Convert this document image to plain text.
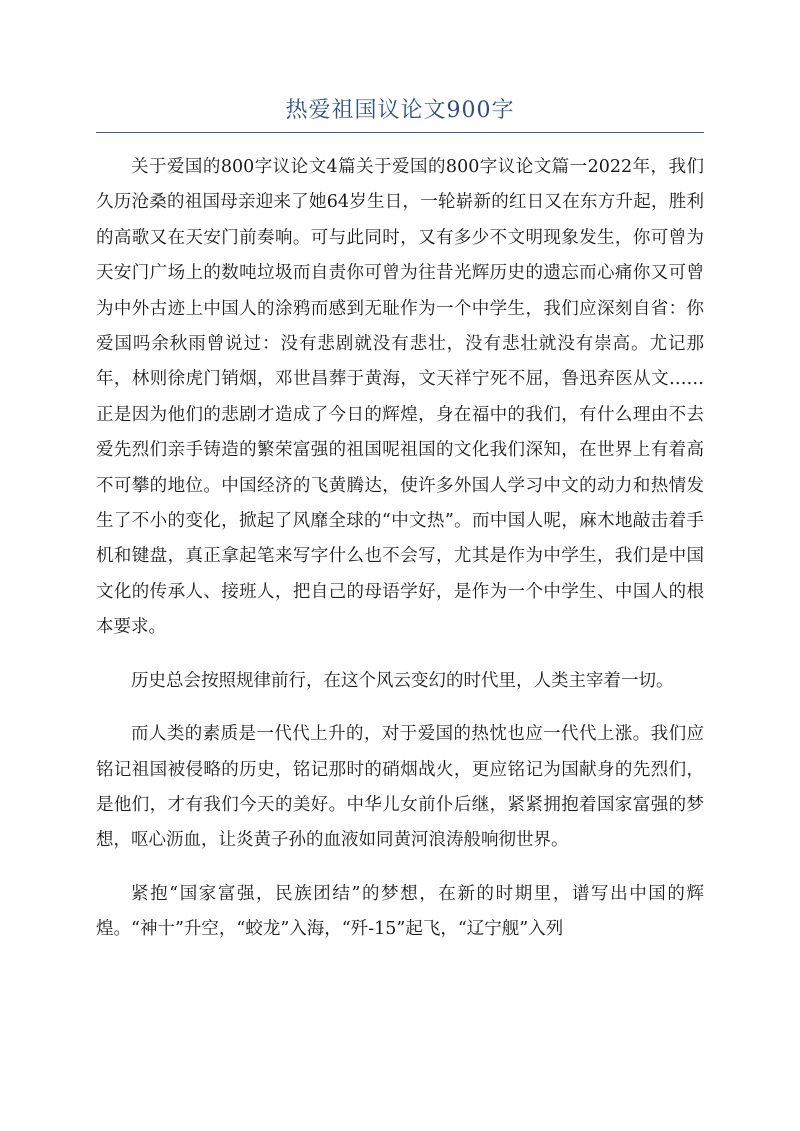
热爱祖国议论文900字

关于爱国的800字议论文4篇关于爱国的800字议论文篇一2022年，我们久历沧桑的祖国母亲迎来了她64岁生日，一轮崭新的红日又在东方升起，胜利的高歌又在天安门前奏响。可与此同时，又有多少不文明现象发生，你可曾为天安门广场上的数吨垃圾而自责你可曾为往昔光辉历史的遗忘而心痛你又可曾为中外古迹上中国人的涂鸦而感到无耻作为一个中学生，我们应深刻自省：你爱国吗余秋雨曾说过：没有悲剧就没有悲壮，没有悲壮就没有崇高。尤记那年，林则徐虎门销烟，邓世昌葬于黄海，文天祥宁死不屈，鲁迅弃医从文……正是因为他们的悲剧才造成了今日的辉煌，身在福中的我们，有什么理由不去爱先烈们亲手铸造的繁荣富强的祖国呢祖国的文化我们深知，在世界上有着高不可攀的地位。中国经济的飞黄腾达，使许多外国人学习中文的动力和热情发生了不小的变化，掀起了风靡全球的“中文热”。而中国人呢，麻木地敲击着手机和键盘，真正拿起笔来写字什么也不会写，尤其是作为中学生，我们是中国文化的传承人、接班人，把自己的母语学好，是作为一个中学生、中国人的根本要求。

历史总会按照规律前行，在这个风云变幻的时代里，人类主宰着一切。

而人类的素质是一代代上升的，对于爱国的热忱也应一代代上涨。我们应铭记祖国被侵略的历史，铭记那时的硝烟战火，更应铭记为国献身的先烈们，是他们，才有我们今天的美好。中华儿女前仆后继，紧紧拥抱着国家富强的梦想，呕心沥血，让炎黄子孙的血液如同黄河浪涛般响彻世界。

紧抱“国家富强，民族团结”的梦想，在新的时期里，谱写出中国的辉煌。“神十”升空，“蛟龙”入海，“歼-15”起飞，“辽宁舰”入列
